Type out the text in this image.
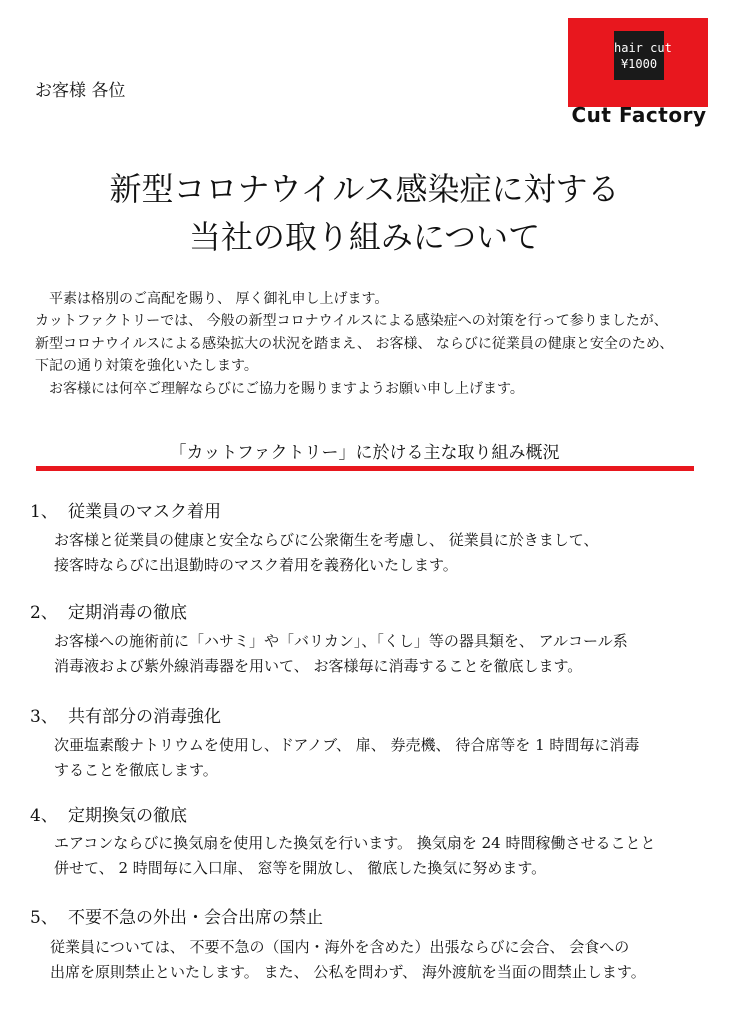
お客様 各位
hair cut
¥1000
Cut Factory
新型コロナウイルス感染症に対する
当社の取り組みについて
　平素は格別のご高配を賜り、 厚く御礼申し上げます。
カットファクトリーでは、 今般の新型コロナウイルスによる感染症への対策を行って参りましたが、
新型コロナウイルスによる感染拡大の状況を踏まえ、 お客様、 ならびに従業員の健康と安全のため、
下記の通り対策を強化いたします。
　お客様には何卒ご理解ならびにご協力を賜りますようお願い申し上げます。
「カットファクトリー」に於ける主な取り組み概況
1、 従業員のマスク着用
お客様と従業員の健康と安全ならびに公衆衛生を考慮し、 従業員に於きまして、
接客時ならびに出退勤時のマスク着用を義務化いたします。
2、 定期消毒の徹底
お客様への施術前に「ハサミ」や「バリカン」、「くし」等の器具類を、 アルコール系
消毒液および紫外線消毒器を用いて、 お客様毎に消毒することを徹底します。
3、 共有部分の消毒強化
次亜塩素酸ナトリウムを使用し、ドアノブ、 扉、 券売機、 待合席等を 1 時間毎に消毒
することを徹底します。
4、 定期換気の徹底
エアコンならびに換気扇を使用した換気を行います。 換気扇を 24 時間稼働させることと
併せて、 2 時間毎に入口扉、 窓等を開放し、 徹底した換気に努めます。
5、 不要不急の外出・会合出席の禁止
従業員については、 不要不急の（国内・海外を含めた）出張ならびに会合、 会食への
出席を原則禁止といたします。 また、 公私を問わず、 海外渡航を当面の間禁止します。
